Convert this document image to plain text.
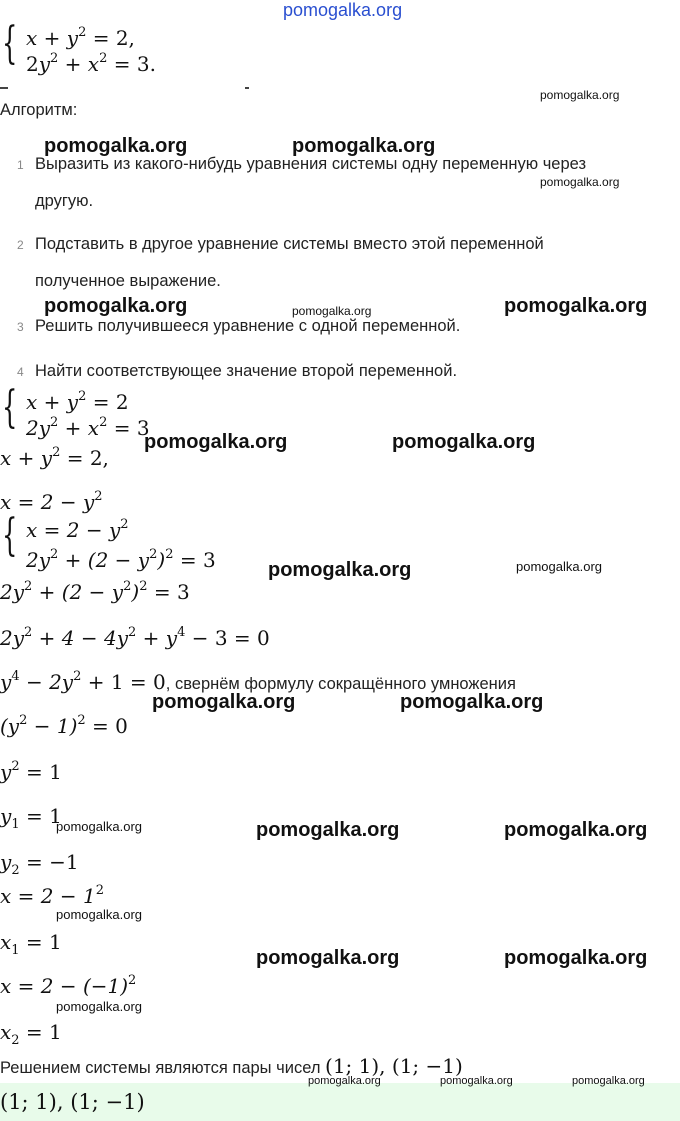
pomogalka.org
{ $x + y^2 = 2$,
$2y^2 + x^2 = 3$.
Алгоритм:
pomogalka.org
pomogalka.org	pomogalka.org
1 Выразить из какого-нибудь уравнения системы одну переменную через
pomogalka.org
другую.
2 Подставить в другое уравнение системы вместо этой переменной
полученное выражение.
pomogalka.org	pomogalka.org	pomogalka.org
3 Решить получившееся уравнение с одной переменной.
4 Найти соответствующее значение второй переменной.
{ $x + y^2 = 2$
$2y^2 + x^2 = 3$
pomogalka.org	pomogalka.org
$x + y^2 = 2$,
$x = 2 - y^2$
{ $x = 2 - y^2$
$2y^2 + (2 - y^2)^2 = 3$	pomogalka.org	pomogalka.org
$2y^2 + (2 - y^2)^2 = 3$
$2y^2 + 4 - 4y^2 + y^4 - 3 = 0$
$y^4 - 2y^2 + 1 = 0$, свернём формулу сокращённого умножения
pomogalka.org	pomogalka.org
$(y^2 - 1)^2 = 0$
$y^2 = 1$
$y_1 = 1$
pomogalka.org	pomogalka.org	pomogalka.org
$y_2 = -1$
$x = 2 - 1^2$
pomogalka.org
$x_1 = 1$
pomogalka.org	pomogalka.org
$x = 2 - (-1)^2$
pomogalka.org
$x_2 = 1$
Решением системы являются пары чисел (1; 1), (1; −1)
(1; 1), (1; −1)
pomogalka.org	pomogalka.org	pomogalka.org
